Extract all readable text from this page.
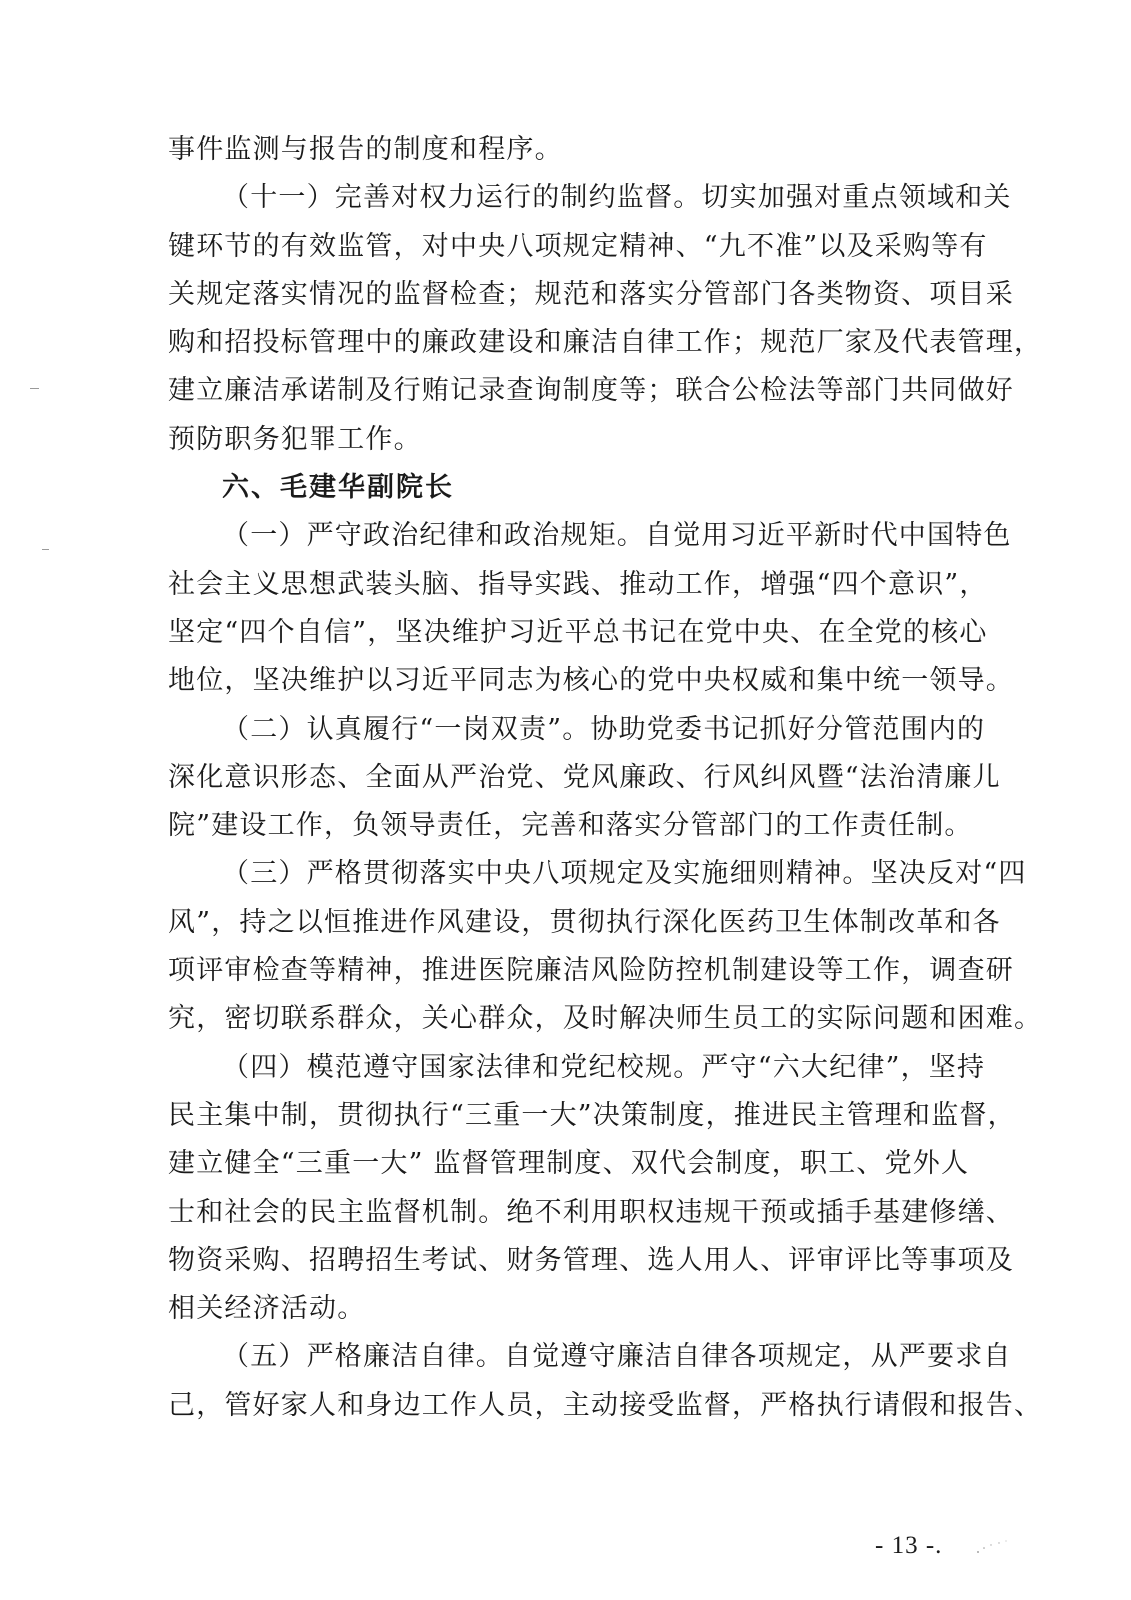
事件监测与报告的制度和程序。
（十一）完善对权力运行的制约监督。切实加强对重点领域和关
键环节的有效监管，对中央八项规定精神、“九不准”以及采购等有
关规定落实情况的监督检查；规范和落实分管部门各类物资、项目采
购和招投标管理中的廉政建设和廉洁自律工作；规范厂家及代表管理，
建立廉洁承诺制及行贿记录查询制度等；联合公检法等部门共同做好
预防职务犯罪工作。
六、毛建华副院长
（一）严守政治纪律和政治规矩。自觉用习近平新时代中国特色
社会主义思想武装头脑、指导实践、推动工作，增强“四个意识”，
坚定“四个自信”，坚决维护习近平总书记在党中央、在全党的核心
地位，坚决维护以习近平同志为核心的党中央权威和集中统一领导。
（二）认真履行“一岗双责”。协助党委书记抓好分管范围内的
深化意识形态、全面从严治党、党风廉政、行风纠风暨“法治清廉儿
院”建设工作，负领导责任，完善和落实分管部门的工作责任制。
（三）严格贯彻落实中央八项规定及实施细则精神。坚决反对“四
风”，持之以恒推进作风建设，贯彻执行深化医药卫生体制改革和各
项评审检查等精神，推进医院廉洁风险防控机制建设等工作，调查研
究，密切联系群众，关心群众，及时解决师生员工的实际问题和困难。
（四）模范遵守国家法律和党纪校规。严守“六大纪律”，坚持
民主集中制，贯彻执行“三重一大”决策制度，推进民主管理和监督，
建立健全“三重一大” 监督管理制度、双代会制度，职工、党外人
士和社会的民主监督机制。绝不利用职权违规干预或插手基建修缮、
物资采购、招聘招生考试、财务管理、选人用人、评审评比等事项及
相关经济活动。
（五）严格廉洁自律。自觉遵守廉洁自律各项规定，从严要求自
己，管好家人和身边工作人员，主动接受监督，严格执行请假和报告、
- 13 -.
